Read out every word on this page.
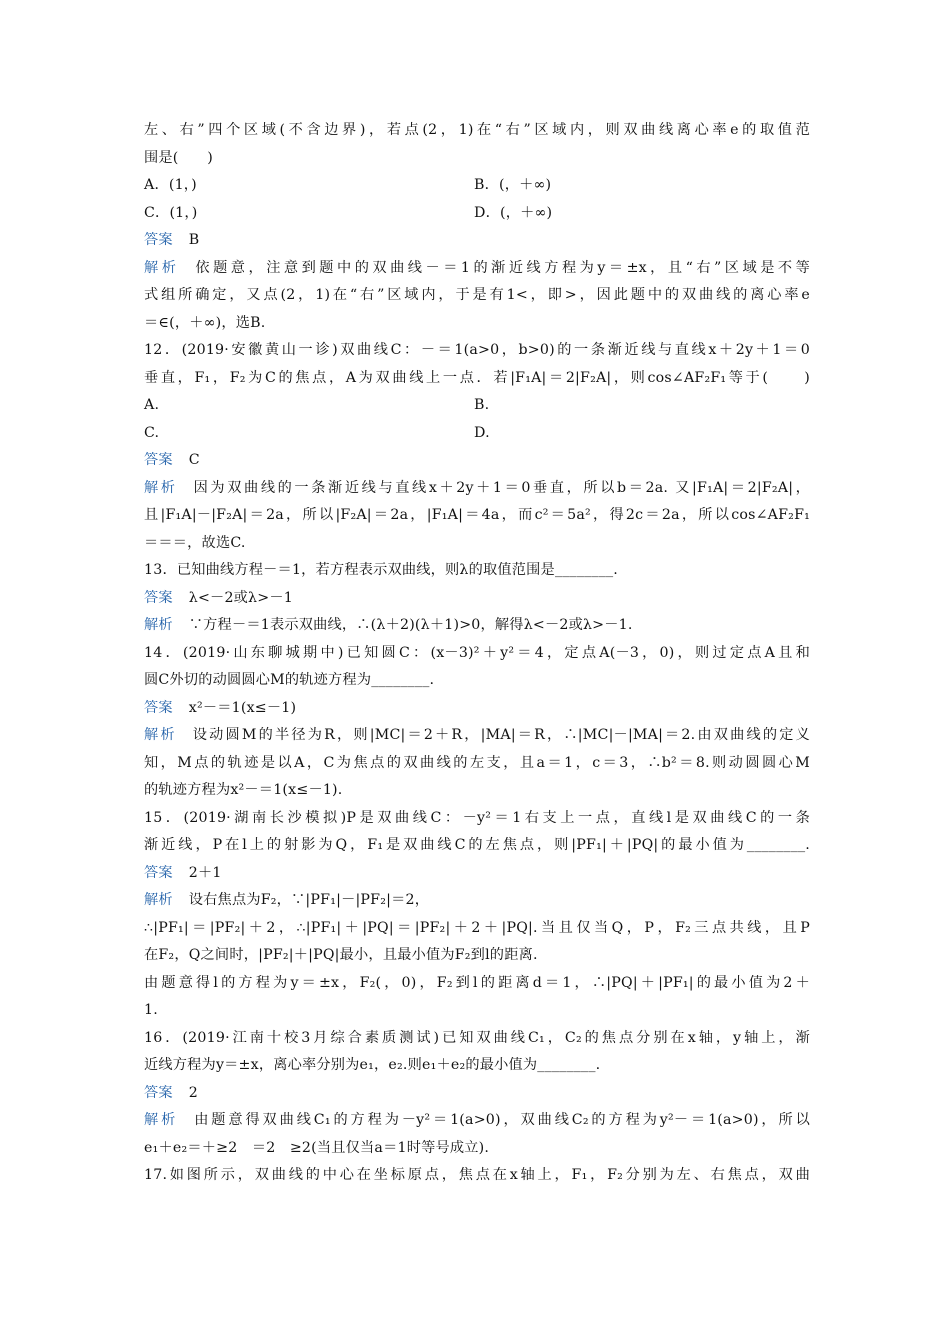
左、右”四个区域(不含边界)，若点(2，1)在“右”区域内，则双曲线离心率e的取值范
围是(　　)
A．(1，)	B．(，＋∞)
C．(1，)	D．(，＋∞)
答案 B
解析 依题意，注意到题中的双曲线－＝1的渐近线方程为y＝±x，且“右”区域是不等
式组所确定，又点(2，1)在“右”区域内，于是有1<，即>，因此题中的双曲线的离心率e
＝∈(，＋∞)，选B.
12．(2019·安徽黄山一诊)双曲线C：－＝1(a>0，b>0)的一条渐近线与直线x＋2y＋1＝0
垂直，F₁，F₂为C的焦点，A为双曲线上一点．若|F₁A|＝2|F₂A|，则cos∠AF₂F₁等于(　　)
A.	B.
C.	D.
答案 C
解析 因为双曲线的一条渐近线与直线x＋2y＋1＝0垂直，所以b＝2a. 又|F₁A|＝2|F₂A|，
且|F₁A|－|F₂A|＝2a，所以|F₂A|＝2a，|F₁A|＝4a，而c²＝5a²，得2c＝2a，所以cos∠AF₂F₁
＝＝＝，故选C.
13．已知曲线方程－＝1，若方程表示双曲线，则λ的取值范围是________.
答案 λ<－2或λ>－1
解析 ∵方程－＝1表示双曲线，∴(λ＋2)(λ＋1)>0，解得λ<－2或λ>－1.
14．(2019·山东聊城期中)已知圆C：(x－3)²＋y²＝4，定点A(－3，0)，则过定点A且和
圆C外切的动圆圆心M的轨迹方程为________.
答案 x²－＝1(x≤－1)
解析 设动圆M的半径为R，则|MC|＝2＋R，|MA|＝R，∴|MC|－|MA|＝2.由双曲线的定义
知，M点的轨迹是以A，C为焦点的双曲线的左支，且a＝1，c＝3，∴b²＝8.则动圆圆心M
的轨迹方程为x²－＝1(x≤－1).
15．(2019·湖南长沙模拟)P是双曲线C：－y²＝1右支上一点，直线l是双曲线C的一条
渐近线，P在l上的射影为Q，F₁是双曲线C的左焦点，则|PF₁|＋|PQ|的最小值为________.
答案 2＋1
解析 设右焦点为F₂，∵|PF₁|－|PF₂|＝2，
∴|PF₁|＝|PF₂|＋2，∴|PF₁|＋|PQ|＝|PF₂|＋2＋|PQ|.当且仅当Q，P，F₂三点共线，且P
在F₂，Q之间时，|PF₂|＋|PQ|最小，且最小值为F₂到l的距离.
由题意得l的方程为y＝±x，F₂(，0)，F₂到l的距离d＝1，∴|PQ|＋|PF₁|的最小值为2＋
1.
16．(2019·江南十校3月综合素质测试)已知双曲线C₁，C₂的焦点分别在x轴，y轴上，渐
近线方程为y＝±x，离心率分别为e₁，e₂.则e₁＋e₂的最小值为________.
答案 2
解析 由题意得双曲线C₁的方程为－y²＝1(a>0)，双曲线C₂的方程为y²－＝1(a>0)，所以
e₁＋e₂＝＋≥2　＝2　≥2(当且仅当a＝1时等号成立).
17.如图所示，双曲线的中心在坐标原点，焦点在x轴上，F₁，F₂分别为左、右焦点，双曲
